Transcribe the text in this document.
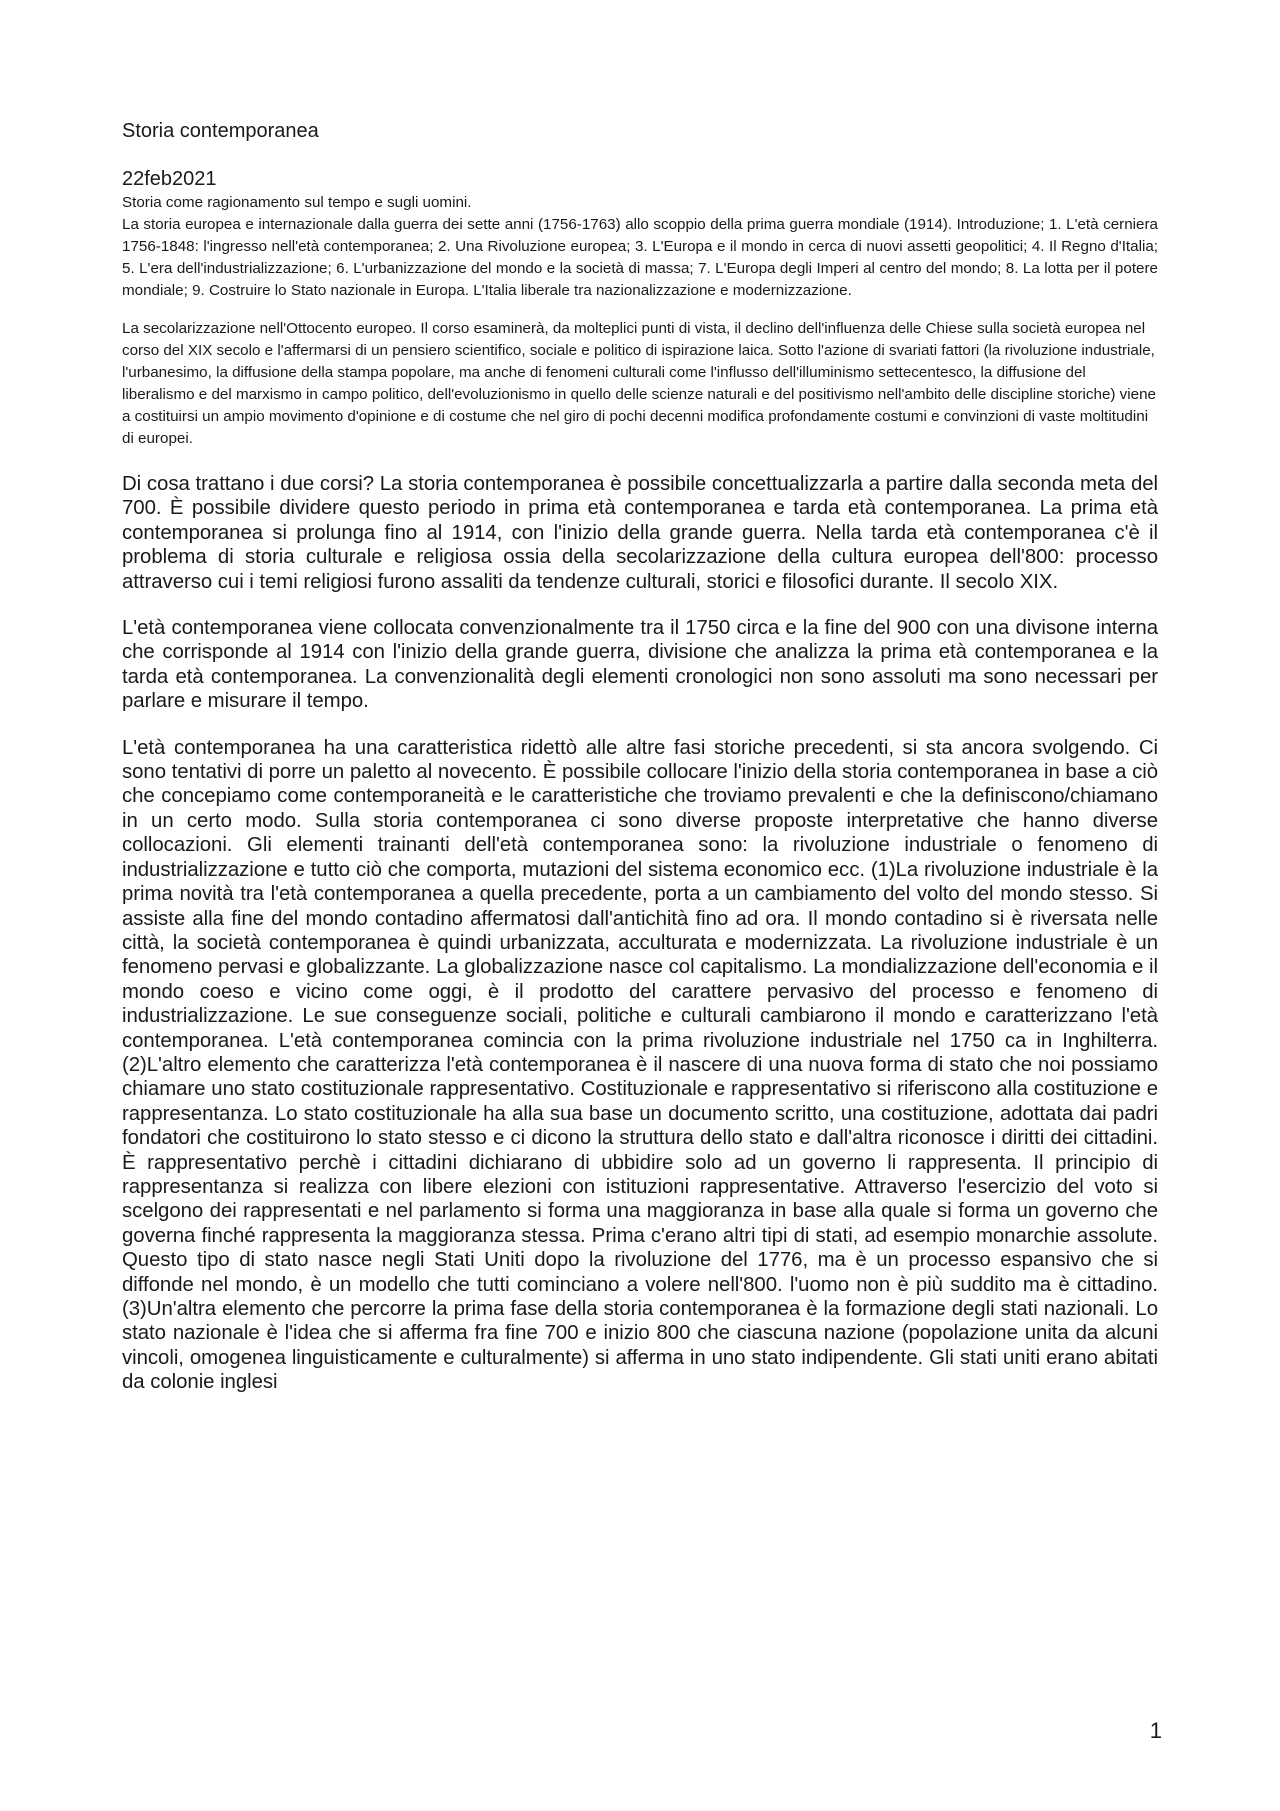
Storia contemporanea

22feb2021

Storia come ragionamento sul tempo e sugli uomini.

La storia europea e internazionale dalla guerra dei sette anni (1756-1763) allo scoppio della prima guerra mondiale (1914). Introduzione; 1. L'età cerniera 1756-1848: l'ingresso nell'età contemporanea; 2. Una Rivoluzione europea; 3. L'Europa e il mondo in cerca di nuovi assetti geopolitici; 4. Il Regno d'Italia; 5. L'era dell'industrializzazione; 6. L'urbanizzazione del mondo e la società di massa; 7. L'Europa degli Imperi al centro del mondo; 8. La lotta per il potere mondiale; 9. Costruire lo Stato nazionale in Europa. L'Italia liberale tra nazionalizzazione e modernizzazione.

La secolarizzazione nell'Ottocento europeo. Il corso esaminerà, da molteplici punti di vista, il declino dell'influenza delle Chiese sulla società europea nel corso del XIX secolo e l'affermarsi di un pensiero scientifico, sociale e politico di ispirazione laica. Sotto l'azione di svariati fattori (la rivoluzione industriale, l'urbanesimo, la diffusione della stampa popolare, ma anche di fenomeni culturali come l'influsso dell'illuminismo settecentesco, la diffusione del liberalismo e del marxismo in campo politico, dell'evoluzionismo in quello delle scienze naturali e del positivismo nell'ambito delle discipline storiche) viene a costituirsi un ampio movimento d'opinione e di costume che nel giro di pochi decenni modifica profondamente costumi e convinzioni di vaste moltitudini di europei.

Di cosa trattano i due corsi? La storia contemporanea è possibile concettualizzarla a partire dalla seconda meta del 700. È possibile dividere questo periodo in prima età contemporanea e tarda età contemporanea. La prima età contemporanea si prolunga fino al 1914, con l'inizio della grande guerra. Nella tarda età contemporanea c'è il problema di storia culturale e religiosa ossia della secolarizzazione della cultura europea dell'800: processo attraverso cui i temi religiosi furono assaliti da tendenze culturali, storici e filosofici durante. Il secolo XIX.

L'età contemporanea viene collocata convenzionalmente tra il 1750 circa e la fine del 900 con una divisone interna che corrisponde al 1914 con l'inizio della grande guerra, divisione che analizza la prima età contemporanea e la tarda età contemporanea. La convenzionalità degli elementi cronologici non sono assoluti ma sono necessari per parlare e misurare il tempo.

L'età contemporanea ha una caratteristica ridettò alle altre fasi storiche precedenti, si sta ancora svolgendo. Ci sono tentativi di porre un paletto al novecento. È possibile collocare l'inizio della storia contemporanea in base a ciò che concepiamo come contemporaneità e le caratteristiche che troviamo prevalenti e che la definiscono/chiamano in un certo modo. Sulla storia contemporanea ci sono diverse proposte interpretative che hanno diverse collocazioni. Gli elementi trainanti dell'età contemporanea sono: la rivoluzione industriale o fenomeno di industrializzazione e tutto ciò che comporta, mutazioni del sistema economico ecc. (1)La rivoluzione industriale è la prima novità tra l'età contemporanea a quella precedente, porta a un cambiamento del volto del mondo stesso. Si assiste alla fine del mondo contadino affermatosi dall'antichità fino ad ora. Il mondo contadino si è riversata nelle città, la società contemporanea è quindi urbanizzata, acculturata e modernizzata. La rivoluzione industriale è un fenomeno pervasi e globalizzante. La globalizzazione nasce col capitalismo. La mondializzazione dell'economia e il mondo coeso e vicino come oggi, è il prodotto del carattere pervasivo del processo e fenomeno di industrializzazione. Le sue conseguenze sociali, politiche e culturali cambiarono il mondo e caratterizzano l'età contemporanea. L'età contemporanea comincia con la prima rivoluzione industriale nel 1750 ca in Inghilterra. (2)L'altro elemento che caratterizza l'età contemporanea è il nascere di una nuova forma di stato che noi possiamo chiamare uno stato costituzionale rappresentativo. Costituzionale e rappresentativo si riferiscono alla costituzione e rappresentanza. Lo stato costituzionale ha alla sua base un documento scritto, una costituzione, adottata dai padri fondatori che costituirono lo stato stesso e ci dicono la struttura dello stato e dall'altra riconosce i diritti dei cittadini. È rappresentativo perchè i cittadini dichiarano di ubbidire solo ad un governo li rappresenta. Il principio di rappresentanza si realizza con libere elezioni con istituzioni rappresentative. Attraverso l'esercizio del voto si scelgono dei rappresentati e nel parlamento si forma una maggioranza in base alla quale si forma un governo che governa finché rappresenta la maggioranza stessa. Prima c'erano altri tipi di stati, ad esempio monarchie assolute. Questo tipo di stato nasce negli Stati Uniti dopo la rivoluzione del 1776, ma è un processo espansivo che si diffonde nel mondo, è un modello che tutti cominciano a volere nell'800. l'uomo non è più suddito ma è cittadino. (3)Un'altra elemento che percorre la prima fase della storia contemporanea è la formazione degli stati nazionali. Lo stato nazionale è l'idea che si afferma fra fine 700 e inizio 800 che ciascuna nazione (popolazione unita da alcuni vincoli, omogenea linguisticamente e culturalmente) si afferma in uno stato indipendente. Gli stati uniti erano abitati da colonie inglesi

1
